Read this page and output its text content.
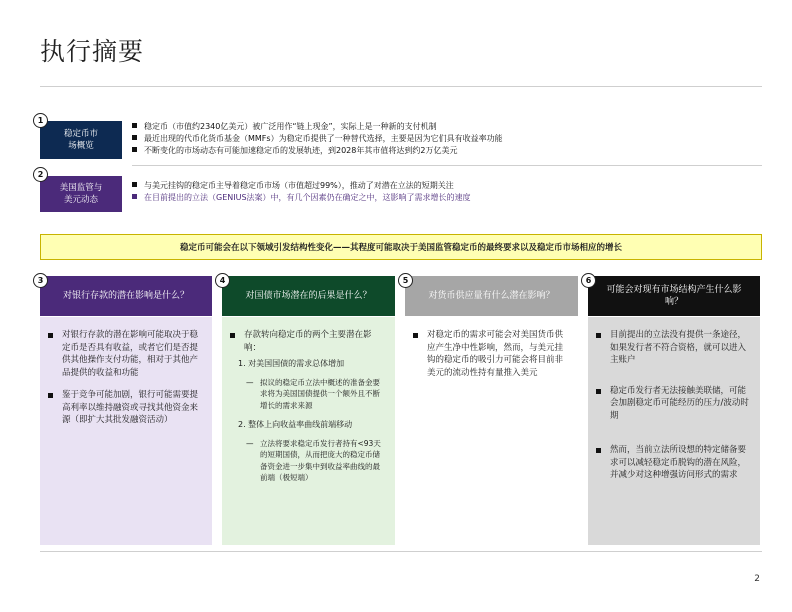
执行摘要
稳定币市
场概览
1
稳定币（市值约2340亿美元）被广泛用作“链上现金”，实际上是一种新的支付机制
最近出现的代币化货币基金（MMFs）为稳定币提供了一种替代选择，主要是因为它们具有收益率功能
不断变化的市场动态有可能加速稳定币的发展轨迹，到2028年其市值将达到约2万亿美元
美国监管与
美元动态
2
与美元挂钩的稳定币主导着稳定币市场（市值超过99%），推动了对潜在立法的短期关注
在目前提出的立法（GENIUS法案）中，有几个因素仍在确定之中，这影响了需求增长的速度
稳定币可能会在以下领域引发结构性变化——其程度可能取决于美国监管稳定币的最终要求以及稳定币市场相应的增长
对银行存款的潜在影响是什么？
3
对银行存款的潜在影响可能取决于稳定币是否具有收益，或者它们是否提供其他操作支付功能，相对于其他产品提供的收益和功能
鉴于竞争可能加剧，银行可能需要提高利率以维持融资或寻找其他资金来源（即扩大其批发融资活动）
对国债市场潜在的后果是什么？
4
存款转向稳定币的两个主要潜在影响：
1. 对美国国债的需求总体增加
— 拟议的稳定币立法中概述的准备金要求将为美国国债提供一个额外且不断增长的需求来源
2. 整体上向收益率曲线前端移动
— 立法将要求稳定币发行者持有<93天的短期国债，从而把庞大的稳定币储备资金进一步集中到收益率曲线的最前端（极短端）
对货币供应量有什么潜在影响？
5
对稳定币的需求可能会对美国货币供应产生净中性影响，然而，与美元挂钩的稳定币的吸引力可能会将目前非美元的流动性持有量推入美元
可能会对现有市场结构产生什么影响？
6
目前提出的立法没有提供一条途径，如果发行者不符合资格，就可以进入主账户
稳定币发行者无法接触美联储，可能会加剧稳定币可能经历的压力/波动时期
然而，当前立法所设想的特定储备要求可以减轻稳定币脱钩的潜在风险，并减少对这种增强访问形式的需求
2
